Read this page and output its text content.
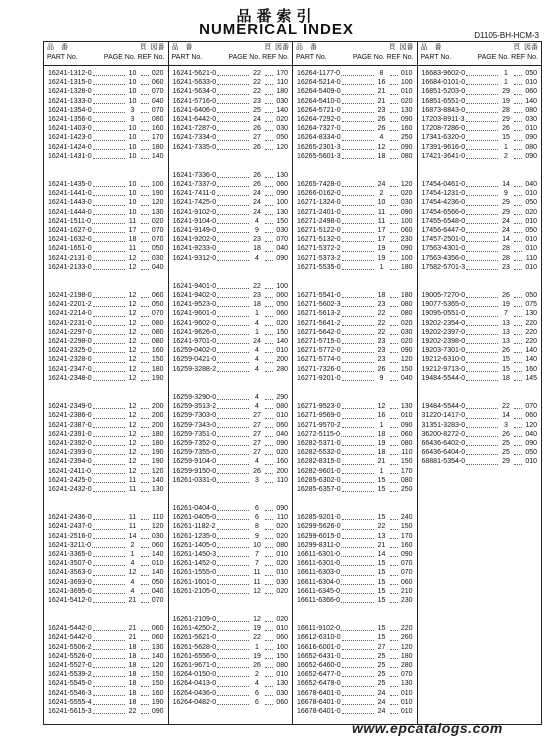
品番索引
NUMERICAL INDEX	D1105-BH-HCM-3
品　番	頁 図番
PART No.	PAGE No. REF No.
16241-1312-0	10	020
16241-1315-0	10	060
16241-1328-0	10	070
16241-1333-0	10	040
16241-1354-0	3	070
16241-1356-0	3	080
16241-1403-0	10	160
16241-1423-0	10	170
16241-1424-0	10	180
16241-1431-0	10	140
16241-1435-0	10	100
16241-1441-0	10	190
16241-1443-0	10	120
16241-1444-0	10	130
16241-1511-0	11	020
16241-1627-0	17	070
16241-1632-0	18	070
16241-1651-0	11	050
16241-2131-0	12	030
16241-2133-0	12	040
16241-2198-0	12	060
16241-2201-2	12	050
16241-2214-0	12	070
16241-2231-0	12	080
16241-2297-0	12	080
16241-2298-0	12	080
16241-2325-0	12	160
16241-2328-0	12	150
16241-2347-0	12	180
16241-2348-0	12	190
16241-2349-0	12	200
16241-2386-0	12	200
16241-2387-0	12	200
16241-2391-0	12	180
16241-2392-0	12	180
16241-2393-0	12	190
16241-2394-0	12	190
16241-2411-0	12	120
16241-2425-0	11	140
16241-2432-0	11	130
16241-2436-0	11	110
16241-2437-0	11	120
16241-2516-0	14	030
16241-3211-0	2	060
16241-3365-0	1	140
16241-3507-0	4	010
16241-3563-0	12	140
16241-3693-0	4	050
16241-3695-0	4	040
16241-5412-0	21	070
16241-5442-0	21	060
16241-5442-0	21	060
16241-5506-2	18	130
16241-5526-0	18	140
16241-5527-0	18	120
16241-5539-2	18	150
16241-5545-0	18	150
16241-5546-3	18	160
16241-5555-4	18	190
16241-5615-3	22	090
品　番	頁 図番
PART No.	PAGE No. REF No.
16241-5621-0	22	170
16241-5633-0	22	110
16241-5634-0	22	180
16241-5716-0	23	030
16241-6406-0	25	140
16241-6442-0	24	020
16241-7287-0	26	030
16241-7334-0	27	050
16241-7335-0	26	120
16241-7336-0	26	130
16241-7337-0	26	060
16241-7411-0	24	090
16241-7425-0	24	100
16241-9102-0	24	130
16241-9104-0	4	150
16241-9149-0	9	030
16241-9202-0	23	070
16241-9233-0	18	040
16241-9312-0	4	090
16241-9401-0	22	100
16241-9402-0	23	060
16241-9523-0	18	050
16241-9601-0	1	060
16241-9602-0	4	020
16241-9626-0	1	150
16241-9701-0	24	140
16259-0402-0	4	010
16259-0421-0	4	200
16259-3288-2	4	280
16259-3290-0	4	290
16259-3513-2	4	080
16259-7303-0	27	010
16259-7343-0	27	060
16259-7351-0	27	040
16259-7352-0	27	090
16259-7355-0	27	020
16259-9104-0	4	160
16259-9150-0	26	200
16261-0331-0	3	110
16261-0404-0	6	090
16261-0405-0	6	110
16261-1182-2	8	020
16261-1235-0	9	020
16261-1405-0	10	080
16261-1450-3	7	010
16261-1452-0	7	020
16261-1555-0	11	010
16261-1601-0	11	030
16261-2105-0	12	020
16261-2109-0	12	020
16261-4250-2	19	010
16261-5621-0	22	060
16261-5628-0	1	160
16261-6556-0	19	150
16261-9671-0	26	080
16264-0150-0	2	010
16264-0413-0	4	130
16264-0436-0	6	030
16264-0482-0	6	060
品　番	頁 図番
PART No.	PAGE No. REF No.
16264-1177-0	8	010
16264-5214-0	16	100
16264-5409-0	21	010
16264-5410-0	21	020
16264-5721-0	23	130
16264-7292-0	26	090
16264-7327-0	26	160
16264-8334-0	4	250
16265-2301-3	12	090
16265-5601-3	18	080
16265-7428-0	24	120
16266-0162-0	2	020
16271-1324-0	10	030
16271-2401-0	11	090
16271-2498-0	11	100
16271-5122-0	17	060
16271-5132-0	17	230
16271-5372-2	19	090
16271-5373-2	19	100
16271-5535-0	1	180
16271-5541-0	18	180
16271-5602-3	23	080
16271-5613-2	22	080
16271-5641-2	22	020
16271-5642-0	22	030
16271-5715-0	23	020
16271-5772-0	23	090
16271-5774-0	23	120
16271-7326-0	26	150
16271-9201-0	9	040
16271-9523-0	12	130
16271-9569-0	16	010
16271-9570-2	1	090
16272-5115-0	18	060
16282-5371-0	19	080
16282-5532-0	18	110
16282-8315-0	21	150
16282-9601-0	1	170
16285-6302-0	15	080
16285-6357-0	15	250
16285-9201-0	15	240
16299-5626-0	22	150
16299-6015-0	13	170
16299-8311-0	21	160
16611-6301-0	14	090
16611-6301-0	15	070
16611-6303-0	15	070
16611-6304-0	15	060
16611-6345-0	15	210
16611-6366-0	15	230
16611-9102-0	15	220
16612-6310-0	15	260
16616-6001-0	27	120
16652-6431-0	25	180
16652-6460-0	25	280
16652-6477-0	25	070
16652-6478-0	25	130
16678-6401-0	24	010
16678-6401-0	24	010
16678-6401-0	24	010
品　番	頁 図番
PART No.	PAGE No. REF No.
16683-9602-0	1	050
16684-0101-0	1	010
16851-5203-0	29	060
16851-6551-0	19	140
16873-8843-0	28	080
17203-8911-3	29	030
17208-7286-0	26	010
17341-6320-0	15	090
17391-9616-0	1	080
17421-3641-0	2	090
17454-0461-0	14	040
17454-1231-0	9	010
17454-4236-0	29	050
17454-6566-0	29	020
17455-6548-0	24	010
17456-6447-0	24	050
17457-2501-0	14	010
17563-4301-0	28	010
17563-4356-0	28	110
17582-5701-3	23	010
19005-7270-0	26	050
19077-5365-0	19	075
19095-0551-0	7	130
19202-2354-0	13	220
19202-2397-0	13	220
19202-2398-0	13	220
19203-7301-0	26	140
19212-6310-0	15	140
19212-9713-0	15	160
19484-5544-0	18	145
19484-5544-0	22	070
31220-1417-0	14	060
31351-3283-0	3	120
36200-8272-0	26	040
66436-6402-0	25	090
66436-6404-0	25	050
68881-5354-0	29	010
www.epcatalogs.com
